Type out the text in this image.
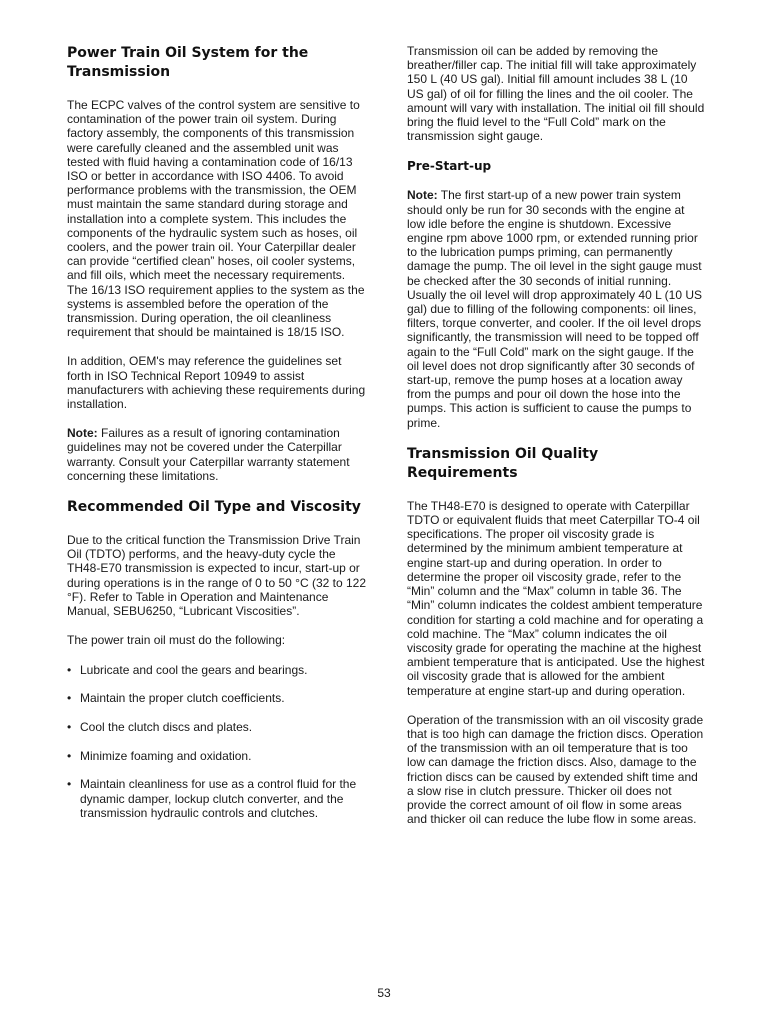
Power Train Oil System for the Transmission

The ECPC valves of the control system are sensitive to contamination of the power train oil system. During factory assembly, the components of this transmission were carefully cleaned and the assembled unit was tested with fluid having a contamination code of 16/13 ISO or better in accordance with ISO 4406. To avoid performance problems with the transmission, the OEM must maintain the same standard during storage and installation into a complete system. This includes the components of the hydraulic system such as hoses, oil coolers, and the power train oil. Your Caterpillar dealer can provide “certified clean” hoses, oil cooler systems, and fill oils, which meet the necessary requirements. The 16/13 ISO requirement applies to the system as the systems is assembled before the operation of the transmission. During operation, the oil cleanliness requirement that should be maintained is 18/15 ISO.

In addition, OEM's may reference the guidelines set forth in ISO Technical Report 10949 to assist manufacturers with achieving these requirements during installation.

Note: Failures as a result of ignoring contamination guidelines may not be covered under the Caterpillar warranty. Consult your Caterpillar warranty statement concerning these limitations.

Recommended Oil Type and Viscosity

Due to the critical function the Transmission Drive Train Oil (TDTO) performs, and the heavy-duty cycle the TH48-E70 transmission is expected to incur, start-up or during operations is in the range of 0 to 50 °C (32 to 122 °F). Refer to Table in Operation and Maintenance Manual, SEBU6250, “Lubricant Viscosities”.

The power train oil must do the following:

• Lubricate and cool the gears and bearings.
• Maintain the proper clutch coefficients.
• Cool the clutch discs and plates.
• Minimize foaming and oxidation.
• Maintain cleanliness for use as a control fluid for the dynamic damper, lockup clutch converter, and the transmission hydraulic controls and clutches.

Transmission oil can be added by removing the breather/filler cap. The initial fill will take approximately 150 L (40 US gal). Initial fill amount includes 38 L (10 US gal) of oil for filling the lines and the oil cooler. The amount will vary with installation. The initial oil fill should bring the fluid level to the “Full Cold” mark on the transmission sight gauge.

Pre-Start-up

Note: The first start-up of a new power train system should only be run for 30 seconds with the engine at low idle before the engine is shutdown. Excessive engine rpm above 1000 rpm, or extended running prior to the lubrication pumps priming, can permanently damage the pump. The oil level in the sight gauge must be checked after the 30 seconds of initial running. Usually the oil level will drop approximately 40 L (10 US gal) due to filling of the following components: oil lines, filters, torque converter, and cooler. If the oil level drops significantly, the transmission will need to be topped off again to the “Full Cold” mark on the sight gauge. If the oil level does not drop significantly after 30 seconds of start-up, remove the pump hoses at a location away from the pumps and pour oil down the hose into the pumps. This action is sufficient to cause the pumps to prime.

Transmission Oil Quality Requirements

The TH48-E70 is designed to operate with Caterpillar TDTO or equivalent fluids that meet Caterpillar TO-4 oil specifications. The proper oil viscosity grade is determined by the minimum ambient temperature at engine start-up and during operation. In order to determine the proper oil viscosity grade, refer to the “Min” column and the “Max” column in table 36. The “Min” column indicates the coldest ambient temperature condition for starting a cold machine and for operating a cold machine. The “Max” column indicates the oil viscosity grade for operating the machine at the highest ambient temperature that is anticipated. Use the highest oil viscosity grade that is allowed for the ambient temperature at engine start-up and during operation.

Operation of the transmission with an oil viscosity grade that is too high can damage the friction discs. Operation of the transmission with an oil temperature that is too low can damage the friction discs. Also, damage to the friction discs can be caused by extended shift time and a slow rise in clutch pressure. Thicker oil does not provide the correct amount of oil flow in some areas and thicker oil can reduce the lube flow in some areas.

53
